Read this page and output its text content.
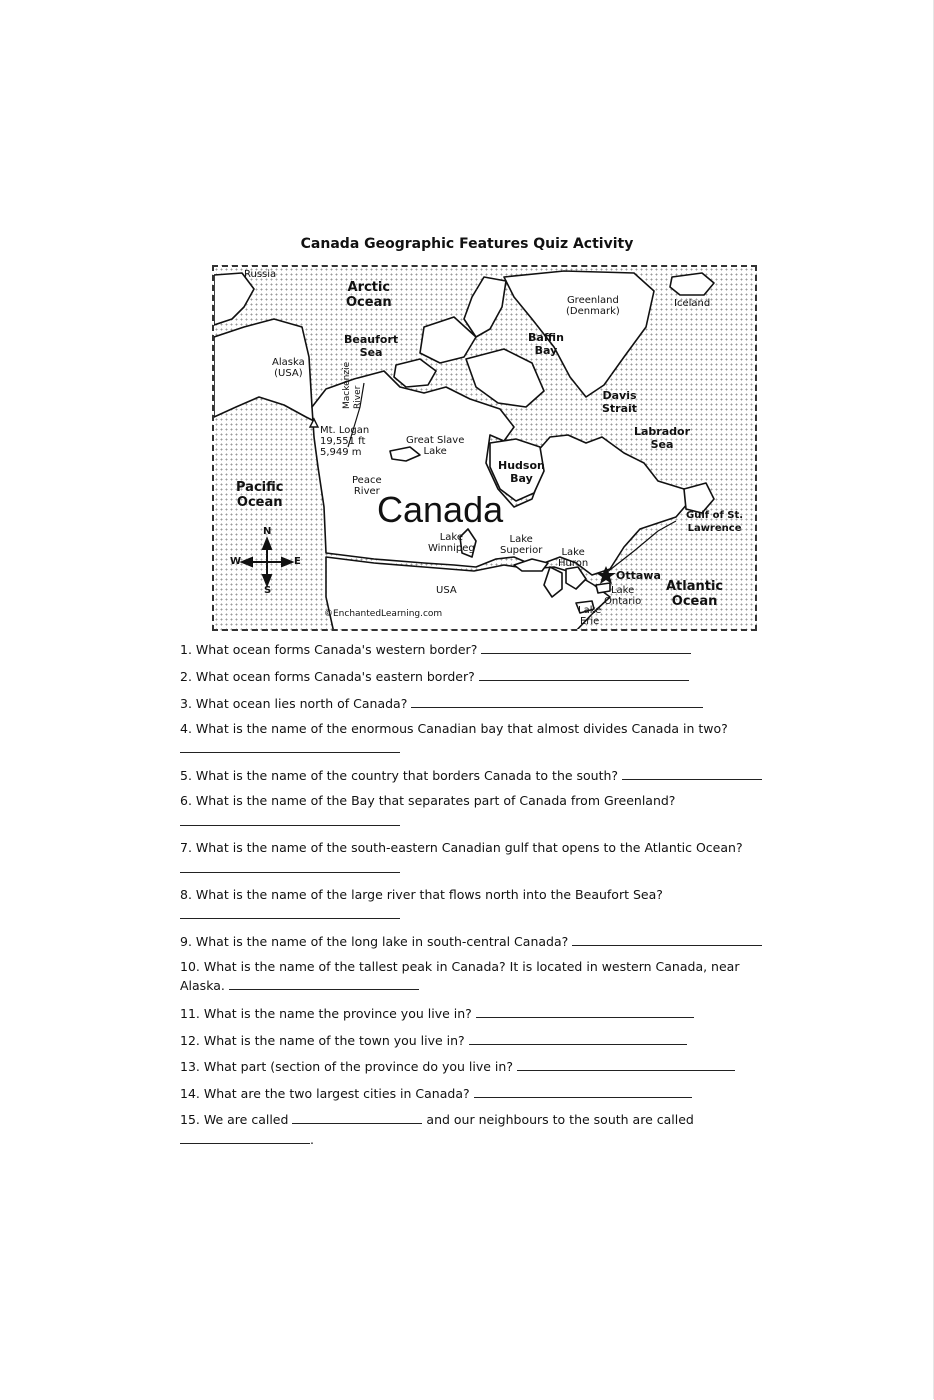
Canada Geographic Features Quiz Activity
Russia
Arctic
Ocean	Greenland
(Denmark)
Iceland
Beaufort
Sea
Baffin
Bay
Alaska
(USA)	Mackenzie
River	Davis
Strait
Mt. Logan
19,551 ft
5,949 m
Great Slave
Lake
Labrador
Sea
Hudson
Bay
Pacific
Ocean
Peace
River
Canada	Gulf of St.
Lawrence
Lake
Winnipeg
Lake
Superior	Lake
Huron
Ottawa
Lake
Ontario
Atlantic
Ocean
USA
Lake
Erie
©EnchantedLearning.com
N
S
E
W
1. What ocean forms Canada's western border?
2. What ocean forms Canada's eastern border?
3. What ocean lies north of Canada?
4. What is the name of the enormous Canadian bay that almost divides Canada in two?
5. What is the name of the country that borders Canada to the south?
6. What is the name of the Bay that separates part of Canada from Greenland?
7. What is the name of the south-eastern Canadian gulf that opens to the Atlantic Ocean?
8. What is the name of the large river that flows north into the Beaufort Sea?
9. What is the name of the long lake in south-central Canada?
10. What is the name of the tallest peak in Canada? It is located in western Canada, near
Alaska.
11. What is the name the province you live in?
12. What is the name of the town you live in?
13. What part (section of the province do you live in?
14. What are the two largest cities in Canada?
15. We are called	and our neighbours to the south are called
.
